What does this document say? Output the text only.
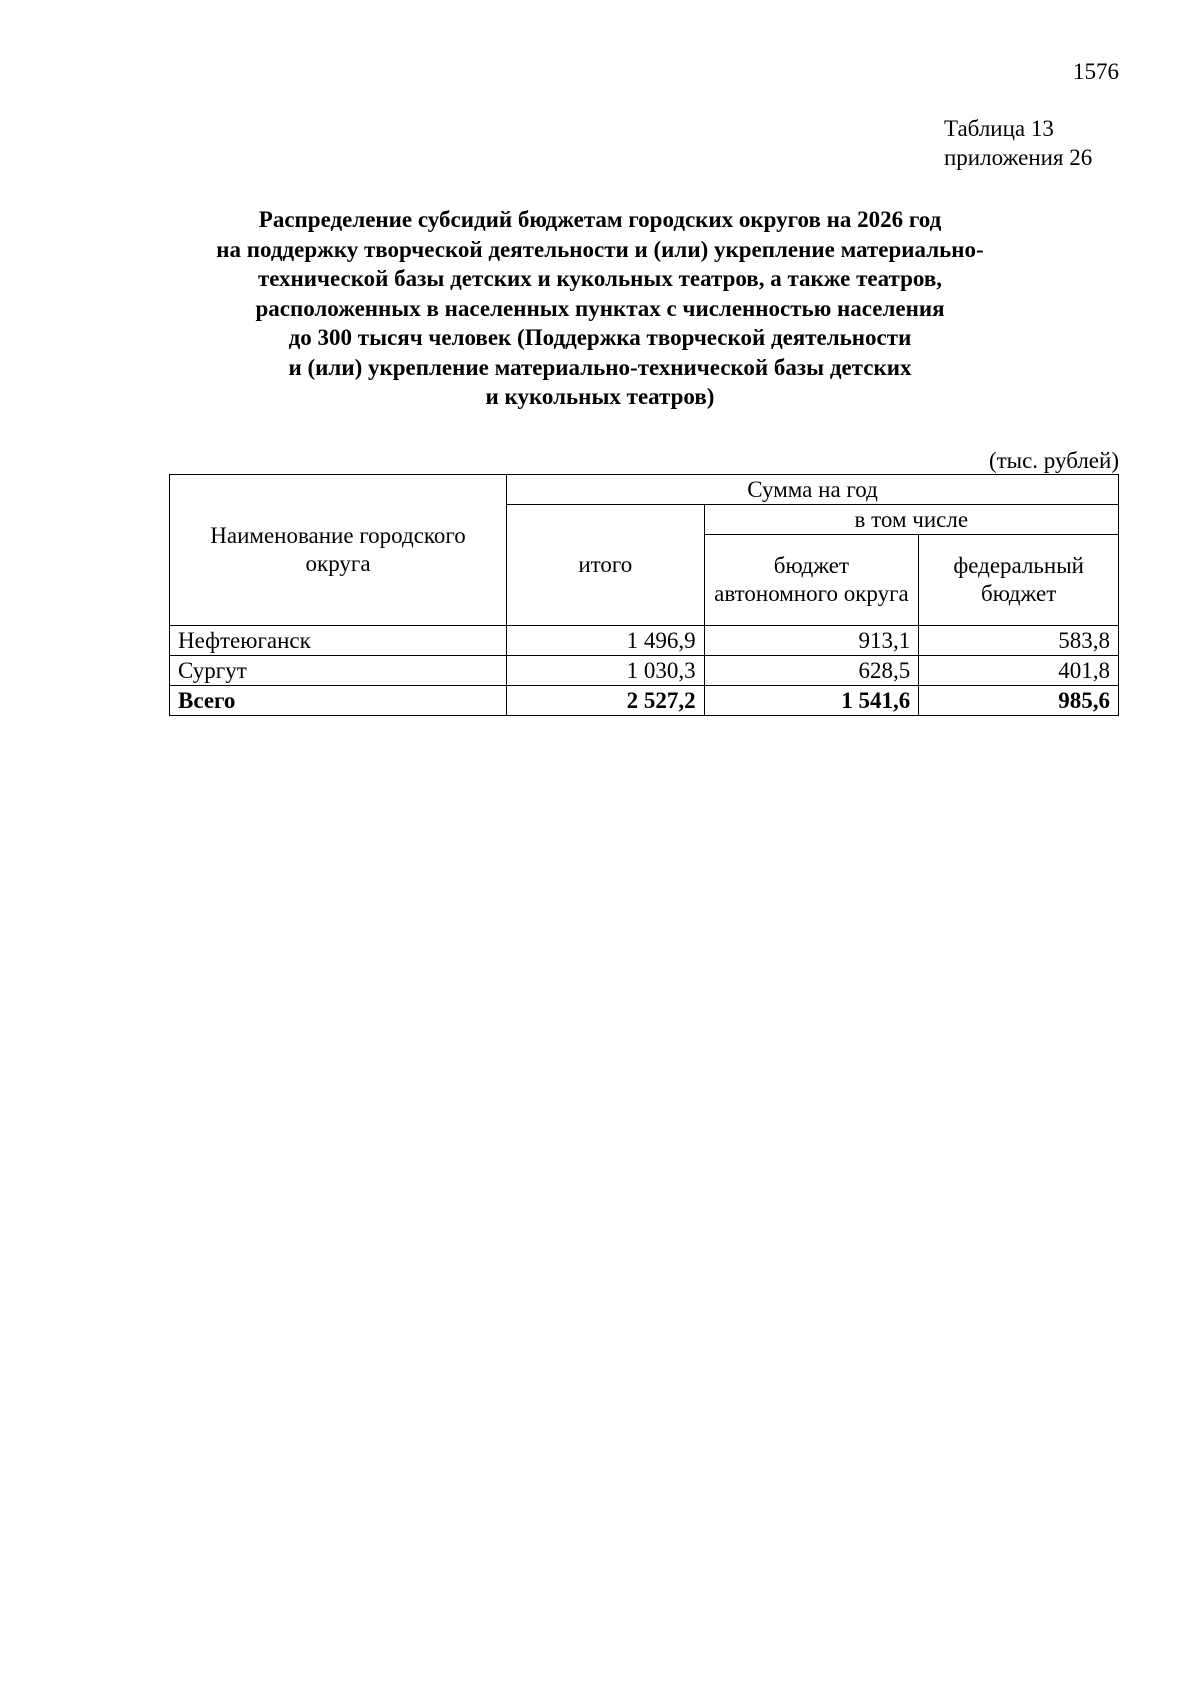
1576
Таблица 13
приложения 26
Распределение субсидий бюджетам городских округов на 2026 год
на поддержку творческой деятельности и (или) укрепление материально-
технической базы детских и кукольных театров, а также театров,
расположенных в населенных пунктах с численностью населения
до 300 тысяч человек (Поддержка творческой деятельности
и (или) укрепление материально-технической базы детских
и кукольных театров)
(тыс. рублей)
Наименование городского округа	Сумма на год		
	итого	в том числе	
		бюджет автономного округа	федеральный бюджет
Нефтеюганск	1 496,9	913,1	583,8
Сургут	1 030,3	628,5	401,8
Всего	2 527,2	1 541,6	985,6
